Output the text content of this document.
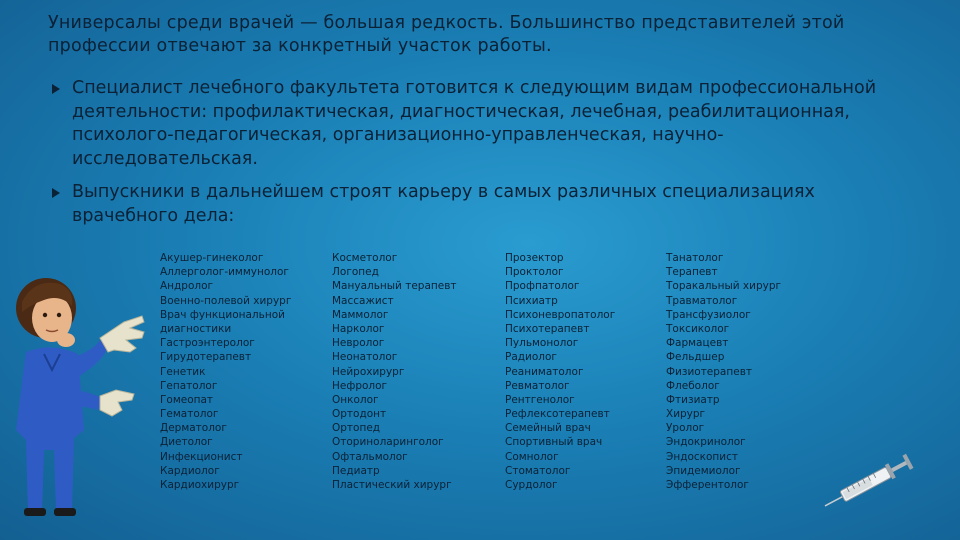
Универсалы среди врачей — большая редкость. Большинство представителей этой профессии отвечают за конкретный участок работы.
Специалист лечебного факультета готовится к следующим видам профессиональной деятельности: профилактическая, диагностическая, лечебная, реабилитационная, психолого-педагогическая, организационно-управленческая, научно-исследовательская.
Выпускники в дальнейшем строят карьеру в самых различных специализациях врачебного дела:
Акушер-гинеколог
Аллерголог-иммунолог
Андролог
Военно-полевой хирург
Врач функциональной
диагностики
Гастроэнтеролог
Гирудотерапевт
Генетик
Гепатолог
Гомеопат
Гематолог
Дерматолог
Диетолог
Инфекционист
Кардиолог
Кардиохирург
Косметолог
Логопед
Мануальный терапевт
Массажист
Маммолог
Нарколог
Невролог
Неонатолог
Нейрохирург
Нефролог
Онколог
Ортодонт
Ортопед
Оториноларинголог
Офтальмолог
Педиатр
Пластический хирург
Прозектор
Проктолог
Профпатолог
Психиатр
Психоневропатолог
Психотерапевт
Пульмонолог
Радиолог
Реаниматолог
Ревматолог
Рентгенолог
Рефлексотерапевт
Семейный врач
Спортивный врач
Сомнолог
Стоматолог
Сурдолог
Танатолог
Терапевт
Торакальный хирург
Травматолог
Трансфузиолог
Токсиколог
Фармацевт
Фельдшер
Физиотерапевт
Флеболог
Фтизиатр
Хирург
Уролог
Эндокринолог
Эндоскопист
Эпидемиолог
Эфферентолог
